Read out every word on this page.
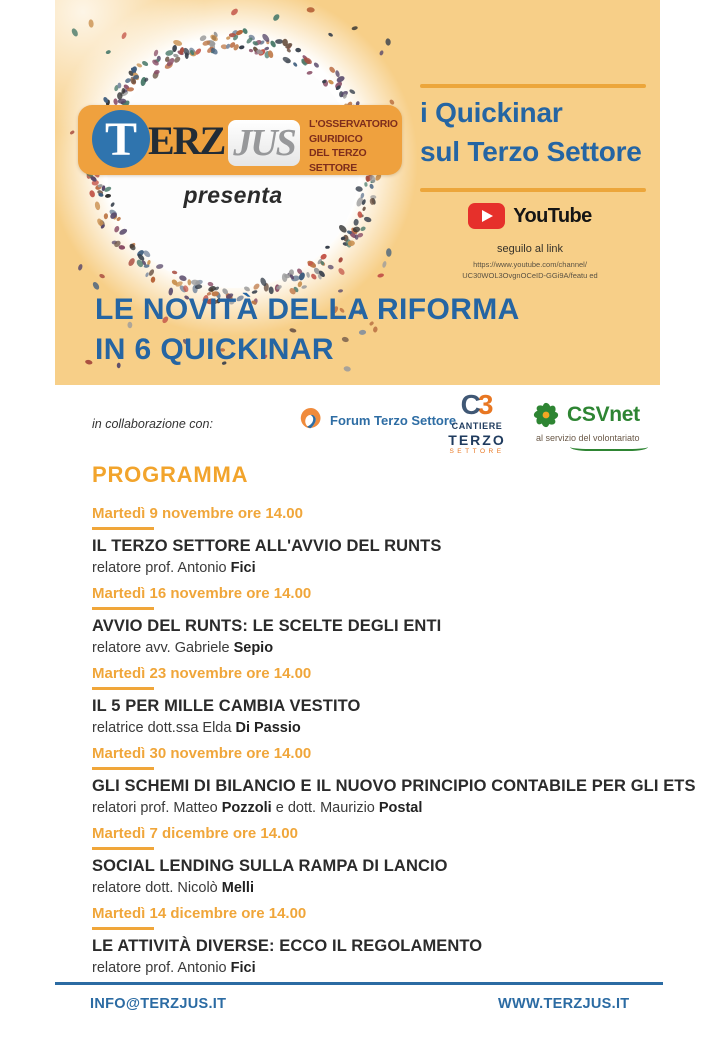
i Quickinar
sul Terzo Settore
YouTube
seguilo al link
https://www.youtube.com/channel/
UC30WOL3OvgnOCeID-GGi9A/featu ed
T ERZ JUS L'OSSERVATORIO
GIURIDICO
DEL TERZO SETTORE
presenta
LE NOVITÀ DELLA RIFORMA
IN 6 QUICKINAR
in collaborazione con:	Forum Terzo Settore C3
CANTIERE
TERZO
SETTORE
CSVnet
al servizio del volontariato
PROGRAMMA
Martedì 9 novembre ore 14.00
IL TERZO SETTORE ALL'AVVIO DEL RUNTS
relatore prof. Antonio Fici
Martedì 16 novembre ore 14.00
AVVIO DEL RUNTS: LE SCELTE DEGLI ENTI
relatore avv. Gabriele Sepio
Martedì 23 novembre ore 14.00
IL 5 PER MILLE CAMBIA VESTITO
relatrice dott.ssa Elda Di Passio
Martedì 30 novembre ore 14.00
GLI SCHEMI DI BILANCIO E IL NUOVO PRINCIPIO CONTABILE PER GLI ETS
relatori prof. Matteo Pozzoli e dott. Maurizio Postal
Martedì 7 dicembre ore 14.00
SOCIAL LENDING SULLA RAMPA DI LANCIO
relatore dott. Nicolò Melli
Martedì 14 dicembre ore 14.00
LE ATTIVITÀ DIVERSE: ECCO IL REGOLAMENTO
relatore prof. Antonio Fici
INFO@TERZJUS.IT	WWW.TERZJUS.IT
